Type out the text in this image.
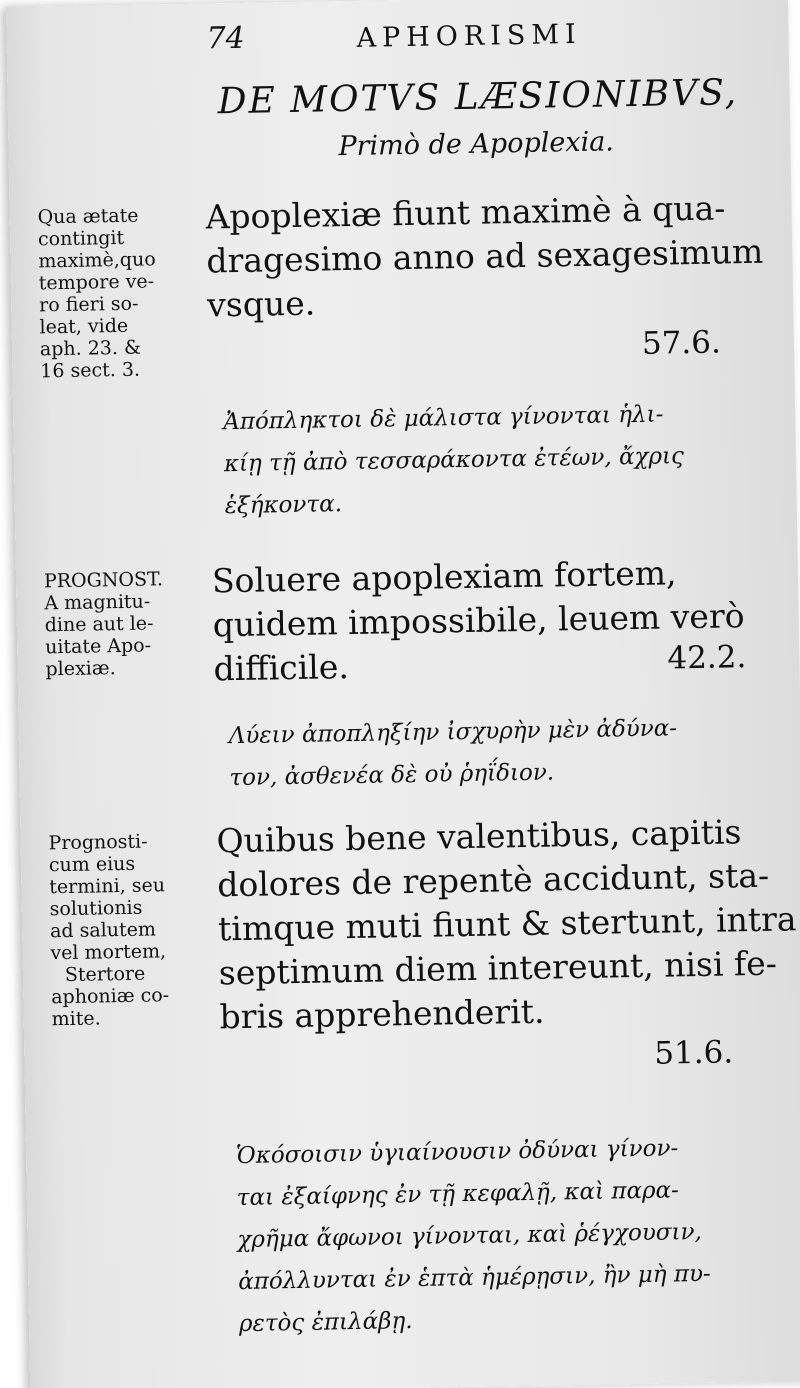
74	APHORISMI
DE MOTVS LÆSIONIBVS,
Primò de Apoplexia.
Qua ætate
contingit
maximè,quo
tempore ve-
ro fieri so-
leat, vide
aph. 23. &
16 sect. 3.
Apoplexiæ fiunt maximè à qua-
dragesimo anno ad sexagesimum
vsque.
57.6.
Ἀπόπληκτοι δὲ μάλιστα γίνονται ἡλι-
κίῃ τῇ ἀπὸ τεσσαράκοντα ἐτέων, ἄχρις
ἑξήκοντα.
PROGNOST.
A magnitu-
dine aut le-
uitate Apo-
plexiæ.
Soluere apoplexiam fortem,
quidem impossibile, leuem verò
difficile.	42.2.
Λύειν ἀποπληξίην ἰσχυρὴν μὲν ἀδύνα-
τον, ἀσθενέα δὲ οὐ ῥηΐδιον.
Prognosti-
cum eius
termini, seu
solutionis
ad salutem
vel mortem,
Stertore
aphoniæ co-
mite.
Quibus bene valentibus, capitis
dolores de repentè accidunt, sta-
timque muti fiunt & stertunt, intra
septimum diem intereunt, nisi fe-
bris apprehenderit.
51.6.
Ὁκόσοισιν ὑγιαίνουσιν ὀδύναι γίνον-
ται ἐξαίφνης ἐν τῇ κεφαλῇ, καὶ παρα-
χρῆμα ἄφωνοι γίνονται, καὶ ῥέγχουσιν,
ἀπόλλυνται ἐν ἑπτὰ ἡμέρῃσιν, ἢν μὴ πυ-
ρετὸς ἐπιλάβῃ.
